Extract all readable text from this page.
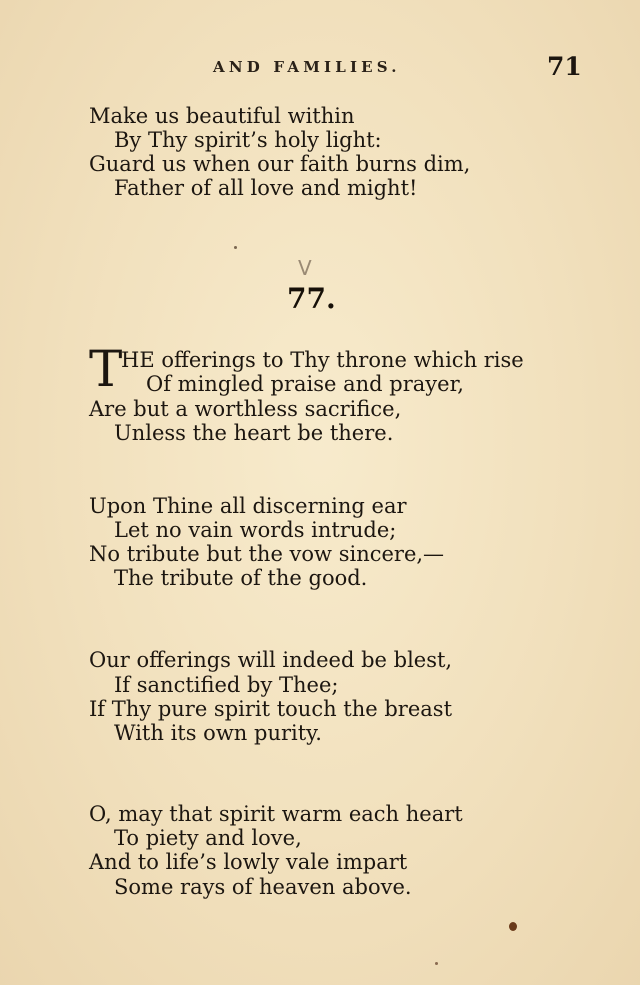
AND FAMILIES.	71
Make us beautiful within
By Thy spirit’s holy light:
Guard us when our faith burns dim,
Father of all love and might!
V
77.
T
HE offerings to Thy throne which rise
Of mingled praise and prayer,
Are but a worthless sacrifice,
Unless the heart be there.
Upon Thine all discerning ear
Let no vain words intrude;
No tribute but the vow sincere,—
The tribute of the good.
Our offerings will indeed be blest,
If sanctified by Thee;
If Thy pure spirit touch the breast
With its own purity.
O, may that spirit warm each heart
To piety and love,
And to life’s lowly vale impart
Some rays of heaven above.
